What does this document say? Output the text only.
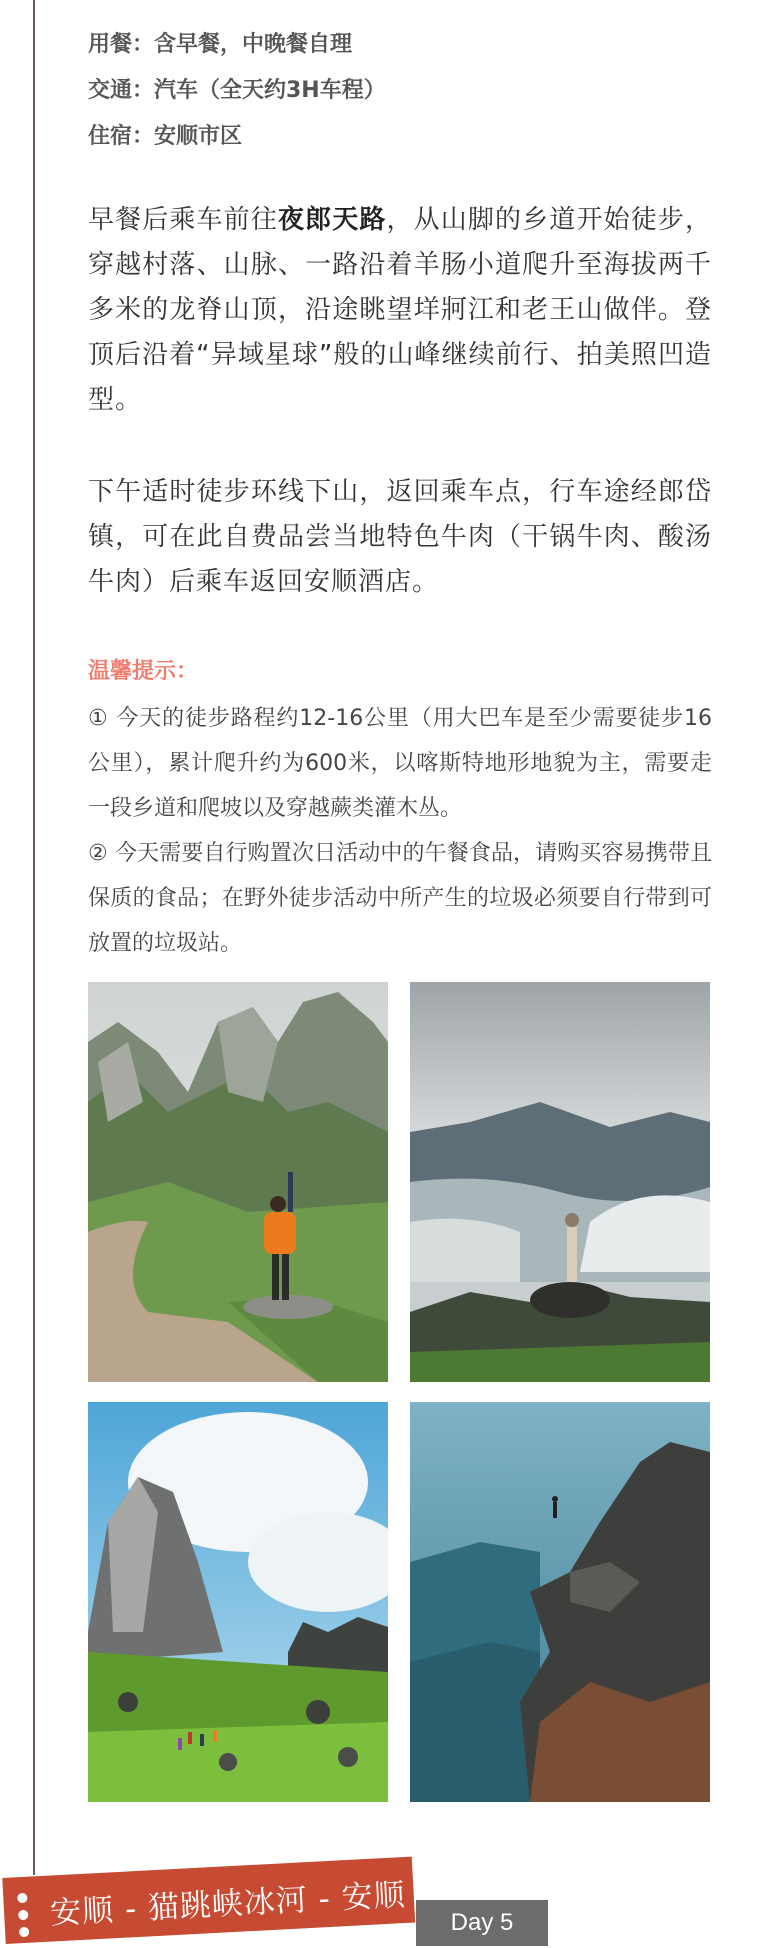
用餐：含早餐，中晚餐自理
交通：汽车（全天约3H车程）
住宿：安顺市区
早餐后乘车前往夜郎天路，从山脚的乡道开始徒步，穿越村落、山脉、一路沿着羊肠小道爬升至海拔两千多米的龙脊山顶，沿途眺望垟牁江和老王山做伴。登顶后沿着“异域星球”般的山峰继续前行、拍美照凹造型。
下午适时徒步环线下山，返回乘车点，行车途经郎岱镇，可在此自费品尝当地特色牛肉（干锅牛肉、酸汤牛肉）后乘车返回安顺酒店。
温馨提示：

① 今天的徒步路程约12-16公里（用大巴车是至少需要徒步16公里），累计爬升约为600米，以喀斯特地形地貌为主，需要走一段乡道和爬坡以及穿越蕨类灌木丛。

② 今天需要自行购置次日活动中的午餐食品，请购买容易携带且保质的食品；在野外徒步活动中所产生的垃圾必须要自行带到可放置的垃圾站。

安顺 - 猫跳峡冰河 - 安顺	Day 5
